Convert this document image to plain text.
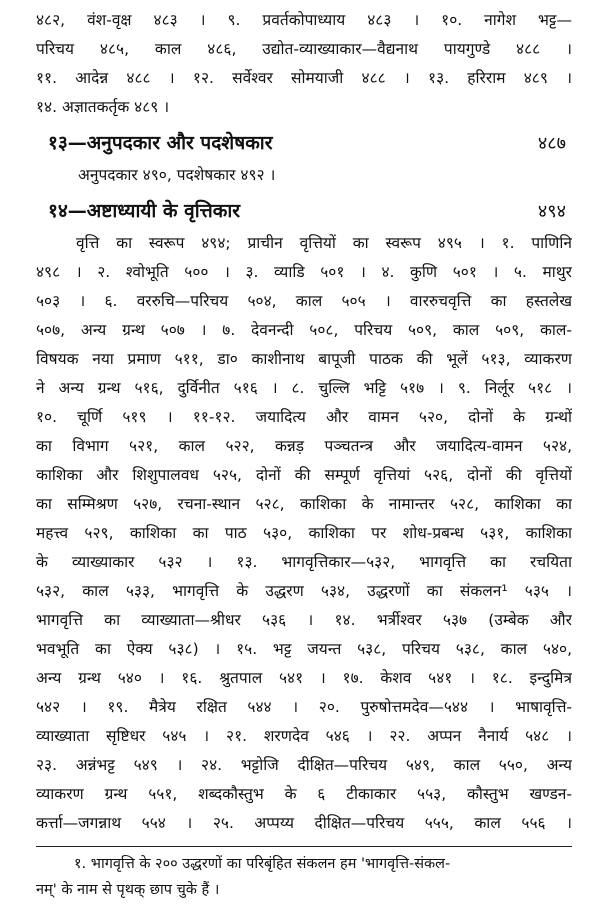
४८२, वंश-वृक्ष ४८३ । ९. प्रवर्तकोपाध्याय ४८३ । १०. नागेश भट्ट—
परिचय ४८५, काल ४८६, उद्योत-व्याख्याकार—वैद्यनाथ पायगुण्डे ४८८ ।
११. आदेन्न ४८८ । १२. सर्वेश्वर सोमयाजी ४८८ । १३. हरिराम ४८९ ।
१४. अज्ञातकर्तृक ४८९ ।
१३—अनुपदकार और पदशेषकार	४८७
अनुपदकार ४९०, पदशेषकार ४९२ ।
१४—अष्टाध्यायी के वृत्तिकार	४९४
वृत्ति का स्वरूप ४९४; प्राचीन वृत्तियों का स्वरूप ४९५ । १. पाणिनि
४९८ । २. श्वोभूति ५०० । ३. व्याडि ५०१ । ४. कुणि ५०१ । ५. माथुर
५०३ । ६. वररुचि—परिचय ५०४, काल ५०५ । वाररुचवृत्ति का हस्तलेख
५०७, अन्य ग्रन्थ ५०७ । ७. देवनन्दी ५०८, परिचय ५०९, काल ५०९, काल-
विषयक नया प्रमाण ५११, डा० काशीनाथ बापूजी पाठक की भूलें ५१३, व्याकरण
ने अन्य ग्रन्थ ५१६, दुर्विनीत ५१६ । ८. चुल्लि भट्टि ५१७ । ९. निर्लूर ५१८ ।
१०. चूर्णि ५१९ । ११-१२. जयादित्य और वामन ५२०, दोनों के ग्रन्थों
का विभाग ५२१, काल ५२२, कन्नड़ पञ्चतन्त्र और जयादित्य-वामन ५२४,
काशिका और शिशुपालवध ५२५, दोनों की सम्पूर्ण वृत्तियां ५२६, दोनों की वृत्तियों
का सम्मिश्रण ५२७, रचना-स्थान ५२८, काशिका के नामान्तर ५२८, काशिका का
महत्त्व ५२९, काशिका का पाठ ५३०, काशिका पर शोध-प्रबन्ध ५३१, काशिका
के व्याख्याकार ५३२ । १३. भागवृत्तिकार—५३२, भागवृत्ति का रचयिता
५३२, काल ५३३, भागवृत्ति के उद्धरण ५३४, उद्धरणों का संकलन¹ ५३५ ।
भागवृत्ति का व्याख्याता—श्रीधर ५३६ । १४. भर्त्रीश्वर ५३७ (उम्बेक और
भवभूति का ऐक्य ५३८) । १५. भट्ट जयन्त ५३८, परिचय ५३८, काल ५४०,
अन्य ग्रन्थ ५४० । १६. श्रुतपाल ५४१ । १७. केशव ५४१ । १८. इन्दुमित्र
५४२ । १९. मैत्रेय रक्षित ५४४ । २०. पुरुषोत्तमदेव—५४४ । भाषावृत्ति-
व्याख्याता सृष्टिधर ५४५ । २१. शरणदेव ५४६ । २२. अप्पन नैनार्य ५४८ ।
२३. अन्नंभट्ट ५४९ । २४. भट्टोजि दीक्षित—परिचय ५४९, काल ५५०, अन्य
व्याकरण ग्रन्थ ५५१, शब्दकौस्तुभ के ६ टीकाकार ५५३, कौस्तुभ खण्डन-
कर्त्ता—जगन्नाथ ५५४ । २५. अप्पय्य दीक्षित—परिचय ५५५, काल ५५६ ।
१. भागवृत्ति के २०० उद्धरणों का परिबृंहित संकलन हम 'भागवृत्ति-संकल-
नम्' के नाम से पृथक् छाप चुके हैं ।
